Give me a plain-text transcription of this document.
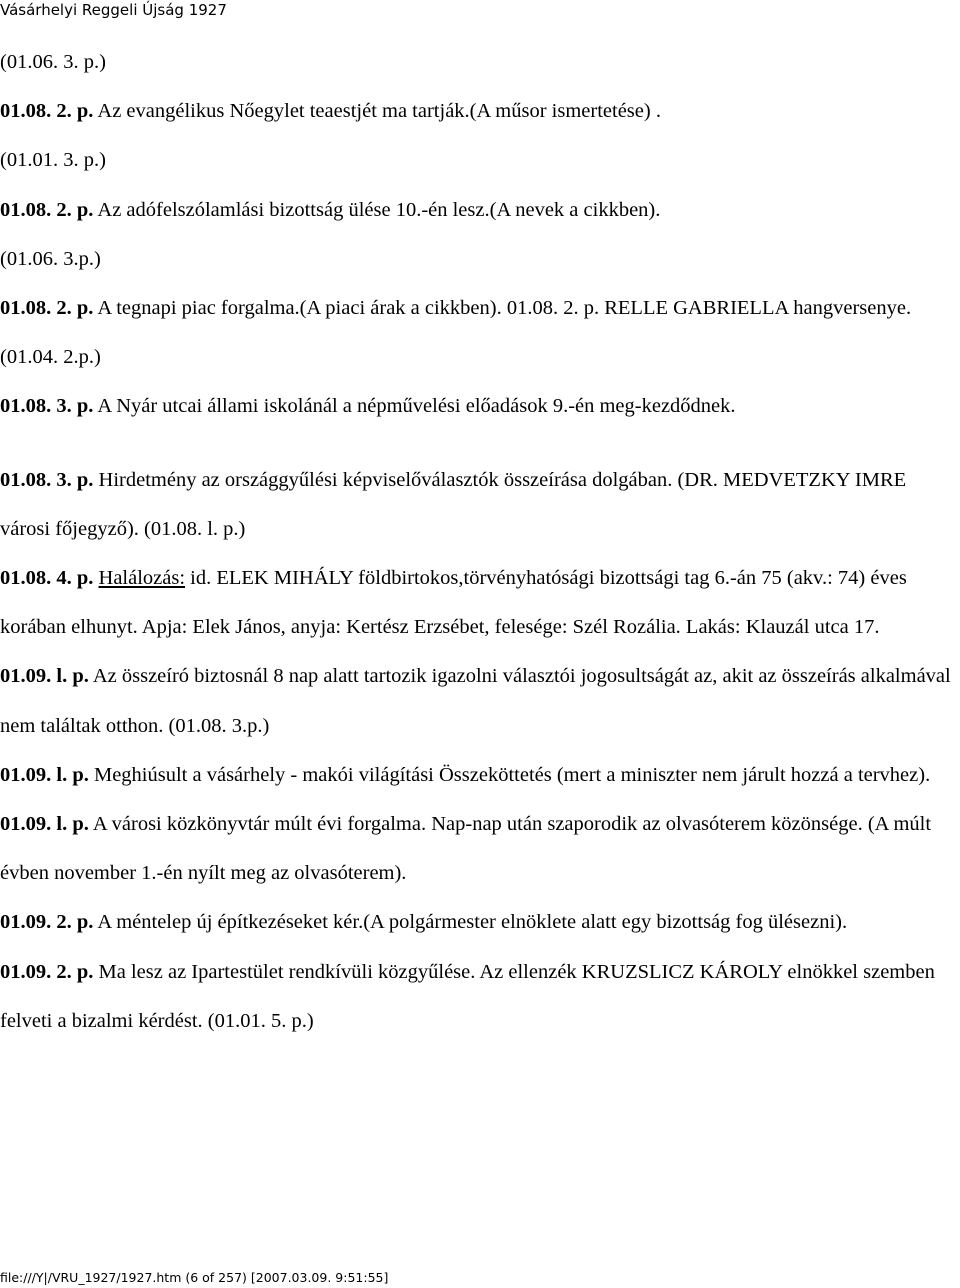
Vásárhelyi Reggeli Újság 1927

(01.06. 3. p.)

01.08. 2. p. Az evangélikus Nőegylet teaestjét ma tartják.(A műsor ismertetése) .

(01.01. 3. p.)

01.08. 2. p. Az adófelszólamlási bizottság ülése 10.-én lesz.(A nevek a cikkben).

(01.06. 3.p.)

01.08. 2. p. A tegnapi piac forgalma.(A piaci árak a cikkben). 01.08. 2. p. RELLE GABRIELLA hangversenye. (01.04. 2.p.)

01.08. 3. p. A Nyár utcai állami iskolánál a népművelési előadások 9.-én meg-kezdődnek.

01.08. 3. p. Hirdetmény az országgyűlési képviselőválasztók összeírása dolgában. (DR. MEDVETZKY IMRE városi főjegyző). (01.08. l. p.)

01.08. 4. p. Halálozás: id. ELEK MIHÁLY földbirtokos,törvényhatósági bizottsági tag 6.-án 75 (akv.: 74) éves korában elhunyt. Apja: Elek János, anyja: Kertész Erzsébet, felesége: Szél Rozália. Lakás: Klauzál utca 17.

01.09. l. p. Az összeíró biztosnál 8 nap alatt tartozik igazolni választói jogosultságát az, akit az összeírás alkalmával nem találtak otthon. (01.08. 3.p.)

01.09. l. p. Meghiúsult a vásárhely - makói világítási Összeköttetés (mert a miniszter nem járult hozzá a tervhez).

01.09. l. p. A városi közkönyvtár múlt évi forgalma. Nap-nap után szaporodik az olvasóterem közönsége. (A múlt évben november 1.-én nyílt meg az olvasóterem).

01.09. 2. p. A méntelep új építkezéseket kér.(A polgármester elnöklete alatt egy bizottság fog ülésezni).

01.09. 2. p. Ma lesz az Ipartestület rendkívüli közgyűlése. Az ellenzék KRUZSLICZ KÁROLY elnökkel szemben felveti a bizalmi kérdést. (01.01. 5. p.)

file:///Y|/VRU_1927/1927.htm (6 of 257) [2007.03.09. 9:51:55]
